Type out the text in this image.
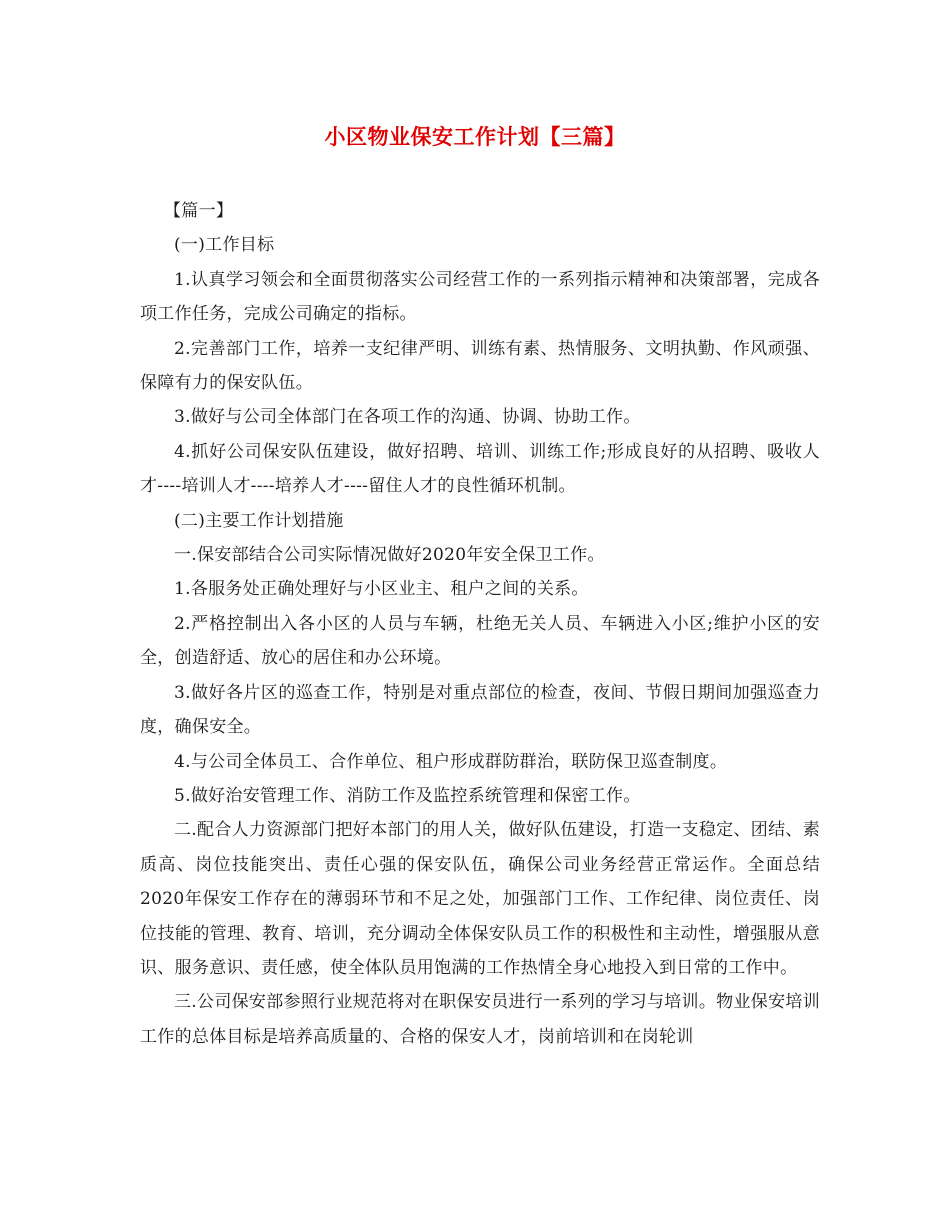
小区物业保安工作计划【三篇】

【篇一】

(一)工作目标

1.认真学习领会和全面贯彻落实公司经营工作的一系列指示精神和决策部署，完成各项工作任务，完成公司确定的指标。

2.完善部门工作，培养一支纪律严明、训练有素、热情服务、文明执勤、作风顽强、保障有力的保安队伍。

3.做好与公司全体部门在各项工作的沟通、协调、协助工作。

4.抓好公司保安队伍建设，做好招聘、培训、训练工作;形成良好的从招聘、吸收人才----培训人才----培养人才----留住人才的良性循环机制。

(二)主要工作计划措施

一.保安部结合公司实际情况做好2020年安全保卫工作。

1.各服务处正确处理好与小区业主、租户之间的关系。

2.严格控制出入各小区的人员与车辆，杜绝无关人员、车辆进入小区;维护小区的安全，创造舒适、放心的居住和办公环境。

3.做好各片区的巡查工作，特别是对重点部位的检查，夜间、节假日期间加强巡查力度，确保安全。

4.与公司全体员工、合作单位、租户形成群防群治，联防保卫巡查制度。

5.做好治安管理工作、消防工作及监控系统管理和保密工作。

二.配合人力资源部门把好本部门的用人关，做好队伍建设，打造一支稳定、团结、素质高、岗位技能突出、责任心强的保安队伍，确保公司业务经营正常运作。全面总结2020年保安工作存在的薄弱环节和不足之处，加强部门工作、工作纪律、岗位责任、岗位技能的管理、教育、培训，充分调动全体保安队员工作的积极性和主动性，增强服从意识、服务意识、责任感，使全体队员用饱满的工作热情全身心地投入到日常的工作中。

三.公司保安部参照行业规范将对在职保安员进行一系列的学习与培训。物业保安培训工作的总体目标是培养高质量的、合格的保安人才，岗前培训和在岗轮训
